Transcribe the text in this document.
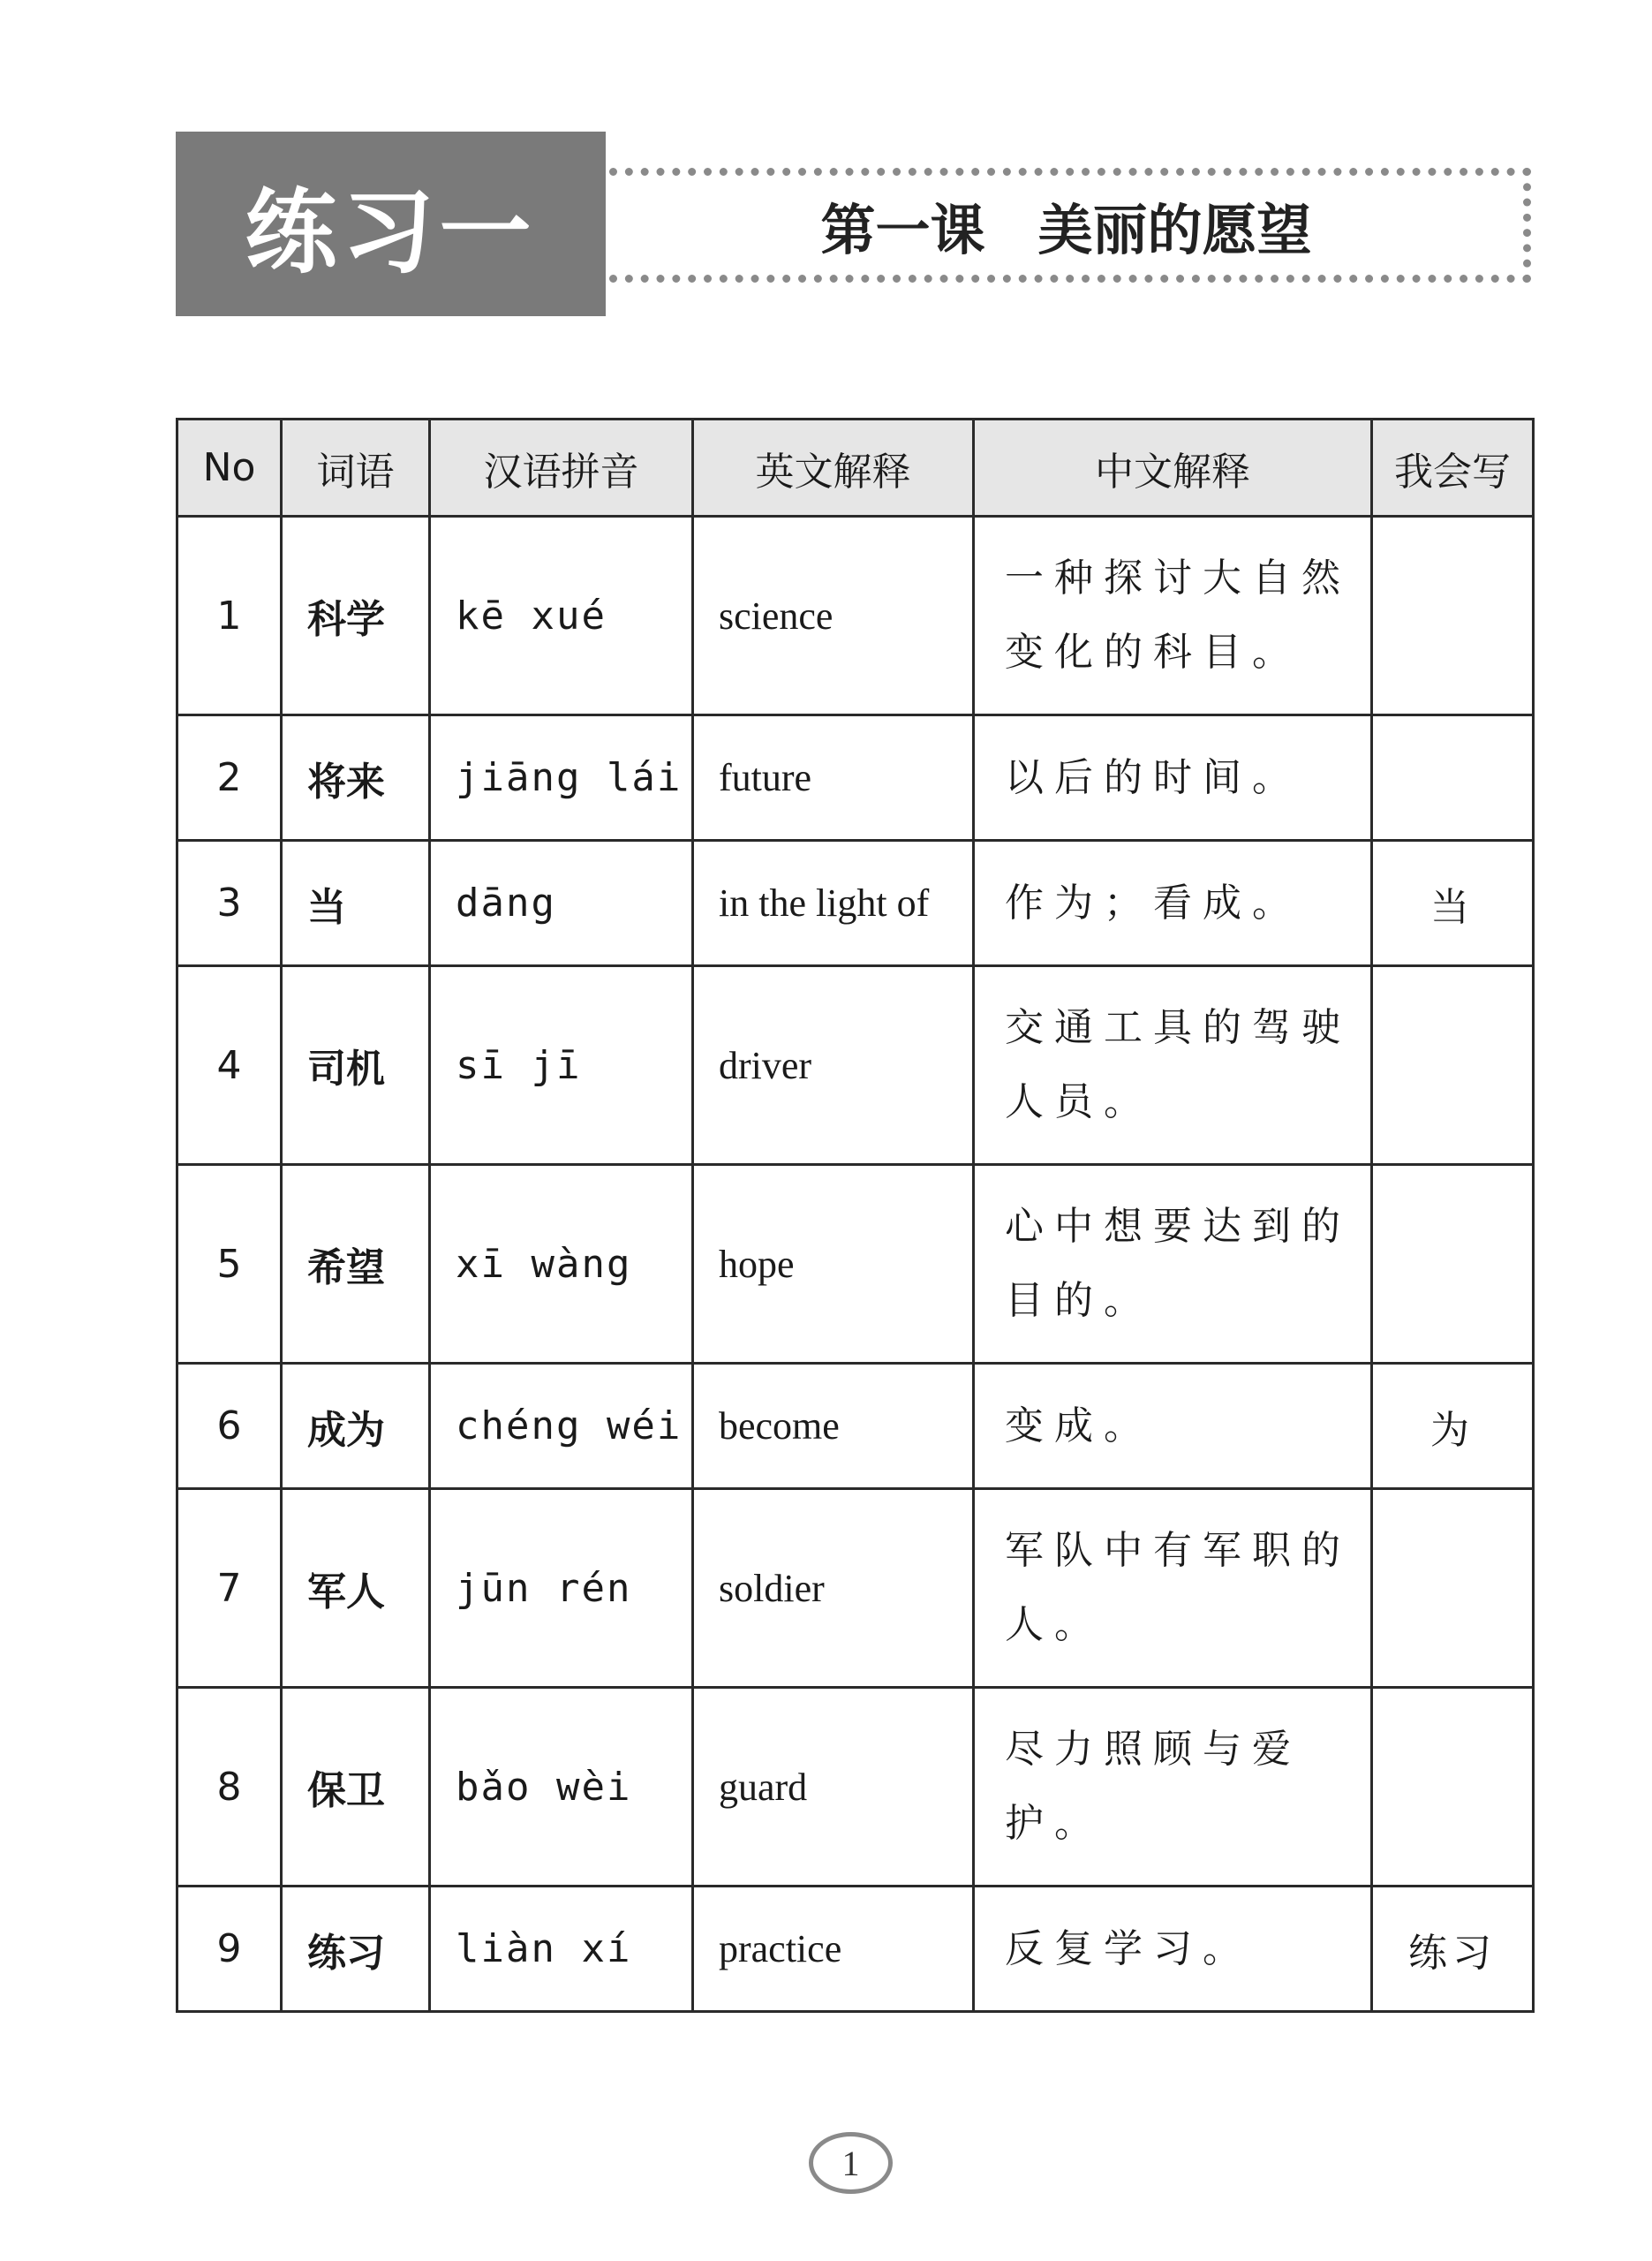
练习一	第一课 美丽的愿望
No	词语	汉语拼音	英文解释	中文解释	我会写
1	科学	kē xué	science	一种探讨大自然变化的科目。	
2	将来	jiāng lái	future	以后的时间。	
3	当	dāng	in the light of	作为；看成。	当
4	司机	sī jī	driver	交通工具的驾驶人员。	
5	希望	xī wàng	hope	心中想要达到的目的。	
6	成为	chéng wéi	become	变成。	为
7	军人	jūn rén	soldier	军队中有军职的人。	
8	保卫	bǎo wèi	guard	尽力照顾与爱护。	
9	练习	liàn xí	practice	反复学习。	练习
1
